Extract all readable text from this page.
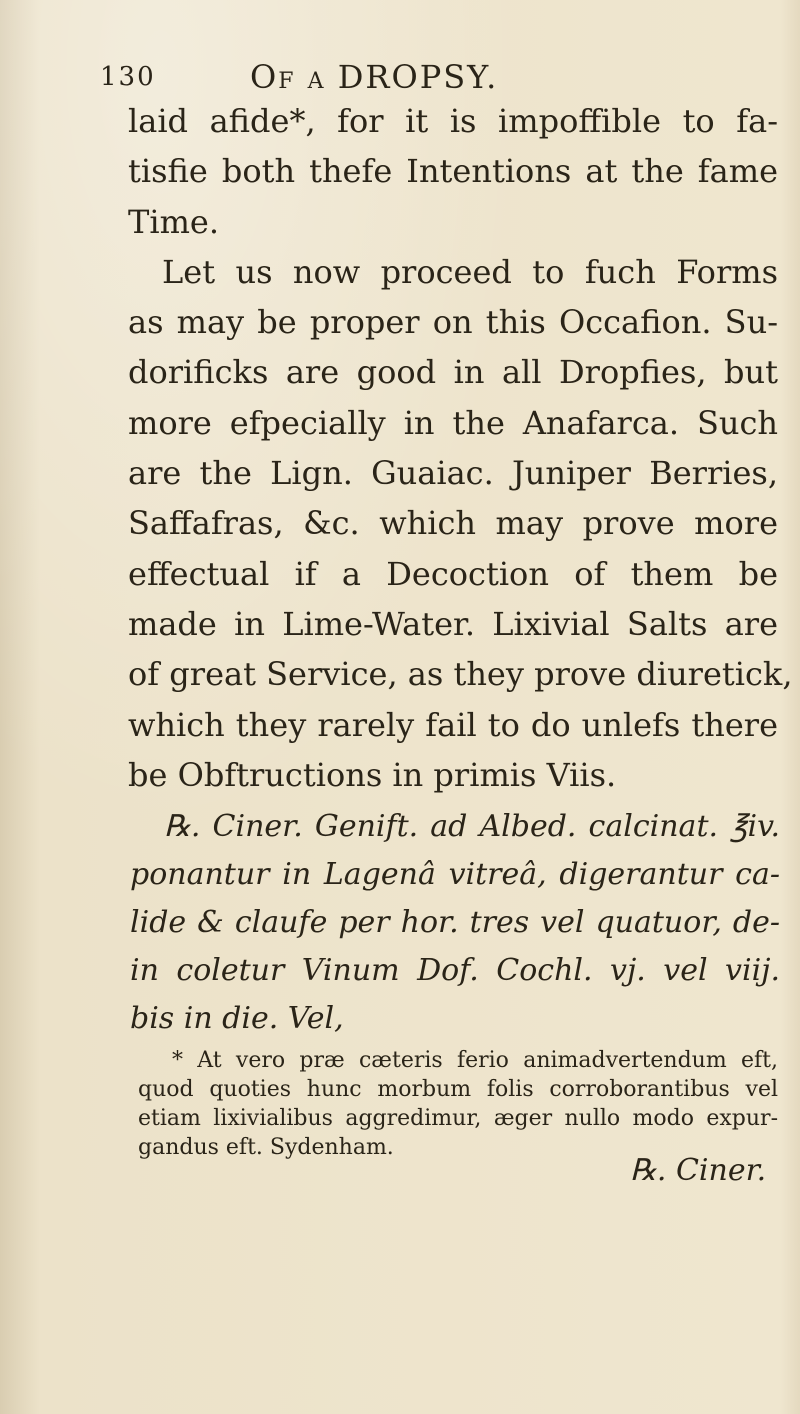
130	Of a DROPSY.
laid afide*, for it is impoffible to fa-
tisfie both thefe Intentions at the fame
Time.
Let us now proceed to fuch Forms
as may be proper on this Occafion. Su-
dorificks are good in all Dropfies, but
more efpecially in the Anafarca. Such
are the Lign. Guaiac. Juniper Berries,
Saffafras, &c. which may prove more
effectual if a Decoction of them be
made in Lime-Water. Lixivial Salts are
of great Service, as they prove diuretick,
which they rarely fail to do unlefs there
be Obftructions in primis Viis.
℞. Ciner. Genift. ad Albed. calcinat. ℥iv.
ponantur in Lagenâ vitreâ, digerantur ca-
lide & claufe per hor. tres vel quatuor, de-
in coletur Vinum Dof. Cochl. vj. vel viij.
bis in die. Vel,
* At vero præ cæteris ferio animadvertendum eft,
quod quoties hunc morbum folis corroborantibus vel
etiam lixivialibus aggredimur, æger nullo modo expur-
gandus eft. Sydenham.
℞. Ciner.
